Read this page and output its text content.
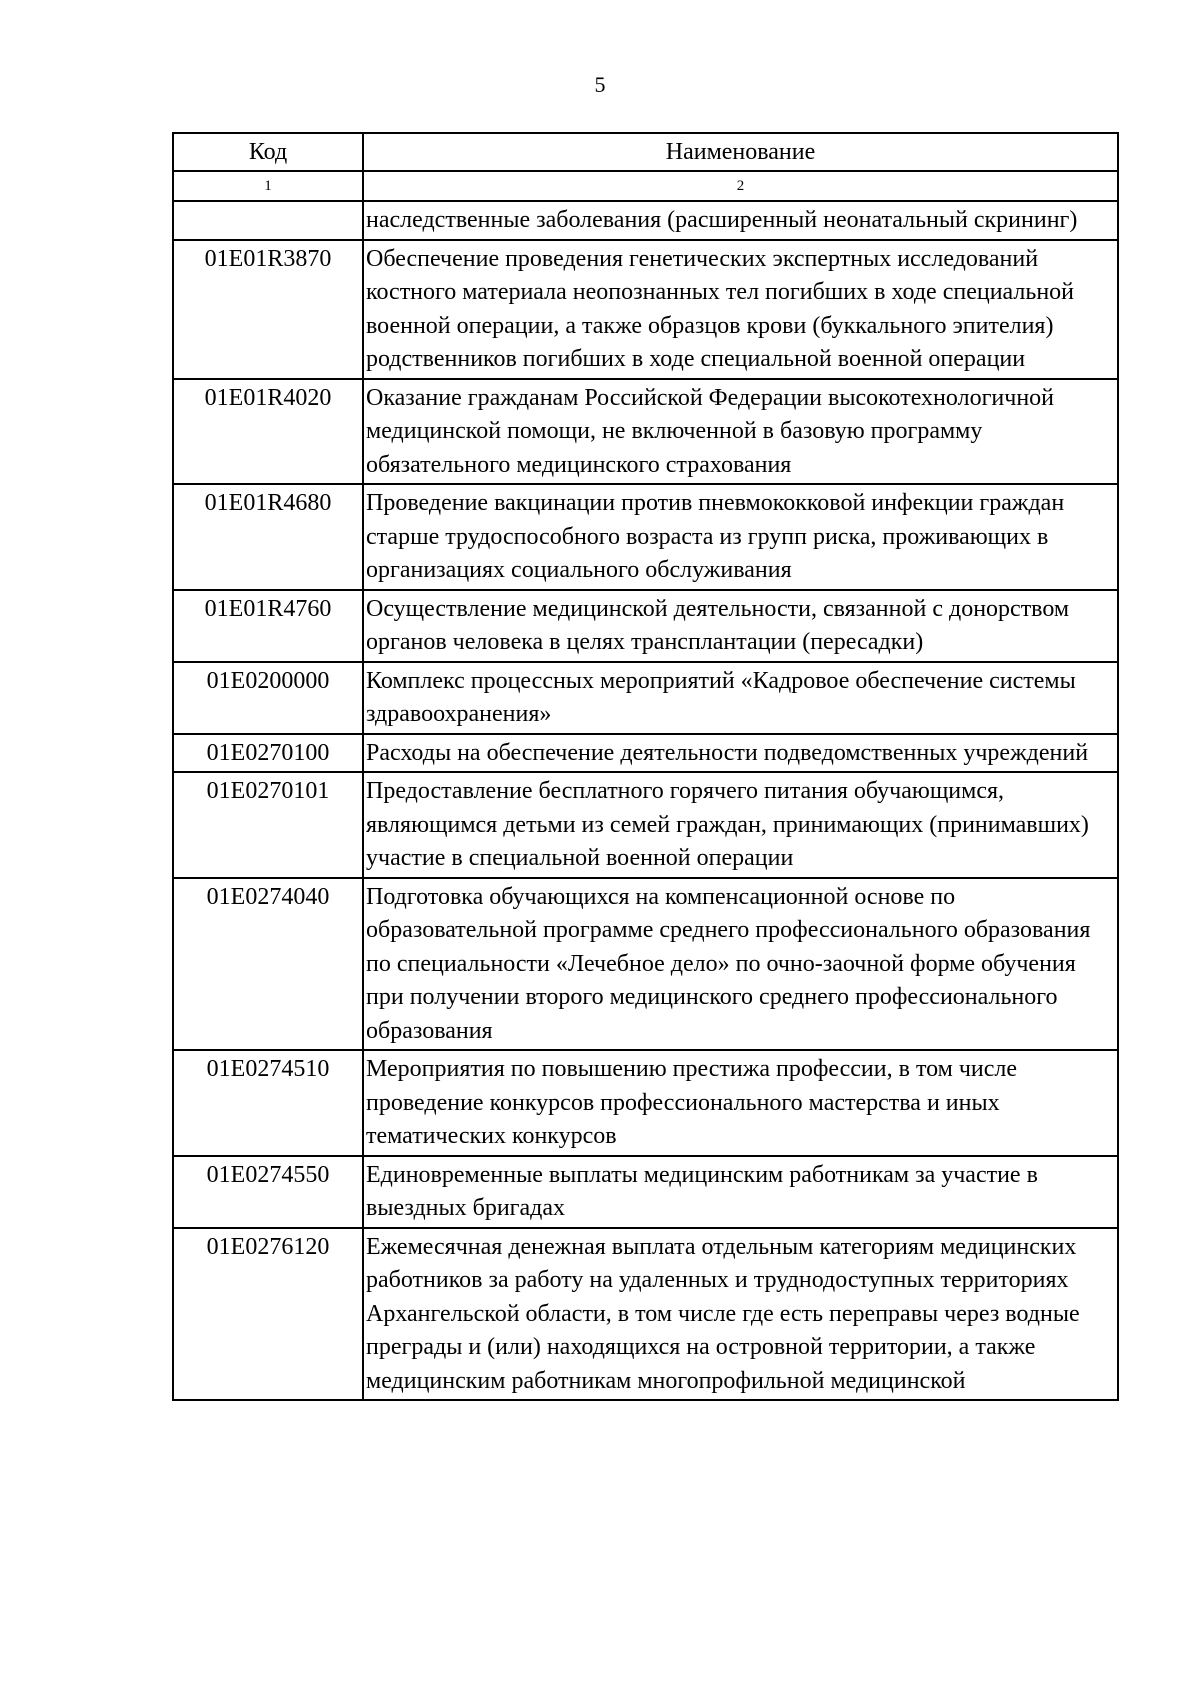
5
Код	Наименование
1	2
	наследственные заболевания (расширенный неонатальный скрининг)
01Е01R3870	Обеспечение проведения генетических экспертных исследований костного материала неопознанных тел погибших в ходе специальной военной операции, а также образцов крови (буккального эпителия) родственников погибших в ходе специальной военной операции
01Е01R4020	Оказание гражданам Российской Федерации высокотехнологичной медицинской помощи, не включенной в базовую программу обязательного медицинского страхования
01Е01R4680	Проведение вакцинации против пневмококковой инфекции граждан старше трудоспособного возраста из групп риска, проживающих в организациях социального обслуживания
01Е01R4760	Осуществление медицинской деятельности, связанной с донорством органов человека в целях трансплантации (пересадки)
01Е0200000	Комплекс процессных мероприятий «Кадровое обеспечение системы здравоохранения»
01Е0270100	Расходы на обеспечение деятельности подведомственных учреждений
01Е0270101	Предоставление бесплатного горячего питания обучающимся, являющимся детьми из семей граждан, принимающих (принимавших) участие в специальной военной операции
01Е0274040	Подготовка обучающихся на компенсационной основе по образовательной программе среднего профессионального образования по специальности «Лечебное дело» по очно-заочной форме обучения при получении второго медицинского среднего профессионального образования
01Е0274510	Мероприятия по повышению престижа профессии, в том числе проведение конкурсов профессионального мастерства и иных тематических конкурсов
01Е0274550	Единовременные выплаты медицинским работникам за участие в выездных бригадах
01Е0276120	Ежемесячная денежная выплата отдельным категориям медицинских работников за работу на удаленных и труднодоступных территориях Архангельской области, в том числе где есть переправы через водные преграды и (или) находящихся на островной территории, а также медицинским работникам многопрофильной медицинской
